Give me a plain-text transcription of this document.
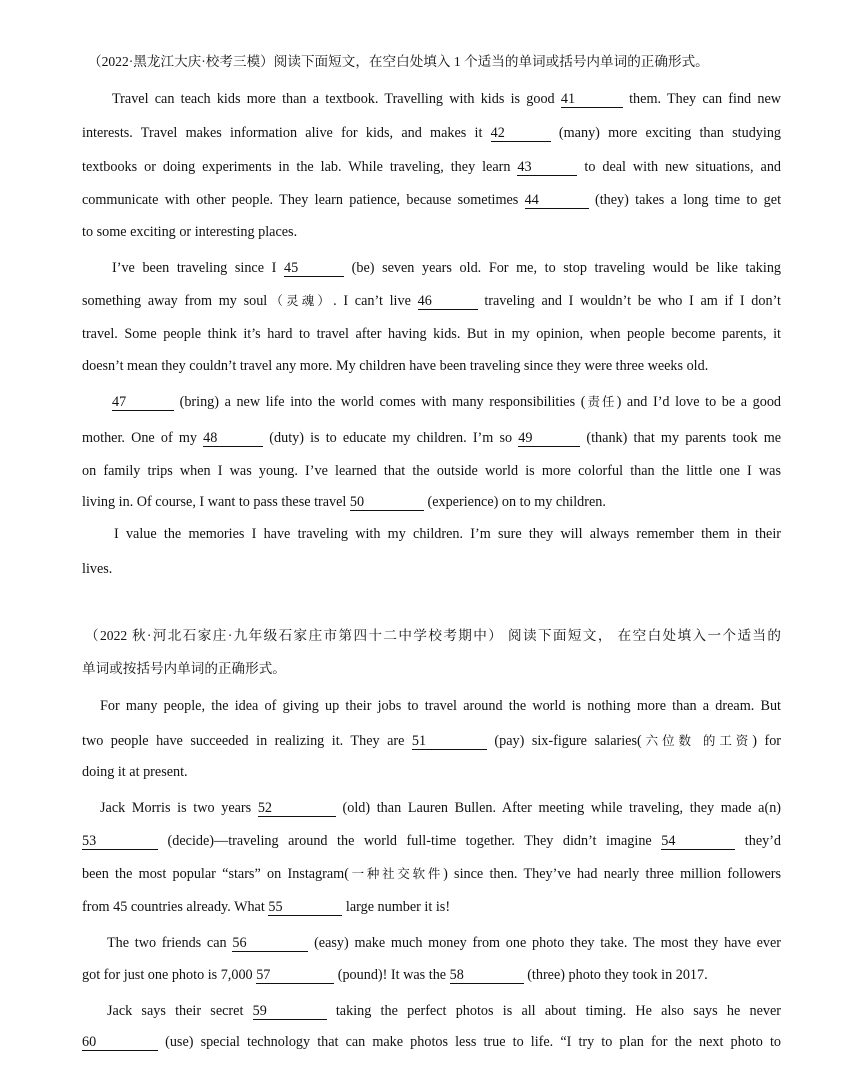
（2022·黑龙江大庆·校考三模）阅读下面短文，在空白处填入 1 个适当的单词或括号内单词的正确形式。
Travel can teach kids more than a textbook. Travelling with kids is good 41	them. They can find new
interests. Travel makes information alive for kids, and makes it 42	(many) more exciting than studying
textbooks or doing experiments in the lab. While traveling, they learn 43	to deal with new situations, and
communicate with other people. They learn patience, because sometimes 44	(they) takes a long time to get
to some exciting or interesting places.
I’ve been traveling since I 45	(be) seven years old. For me, to stop traveling would be like taking
something away from my soul（灵魂）. I can’t live 46	traveling and I wouldn’t be who I am if I don’t
travel. Some people think it’s hard to travel after having kids. But in my opinion, when people become parents, it
doesn’t mean they couldn’t travel any more. My children have been traveling since they were three weeks old.
47	(bring) a new life into the world comes with many responsibilities (责任) and I’d love to be a good
mother. One of my 48	(duty) is to educate my children. I’m so 49	(thank) that my parents took me
on family trips when I was young. I’ve learned that the outside world is more colorful than the little one I was
living in. Of course, I want to pass these travel 50	(experience) on to my children.
I value the memories I have traveling with my children. I’m sure they will always remember them in their
lives.
（2022 秋·河北石家庄·九年级石家庄市第四十二中学校考期中） 阅读下面短文， 在空白处填入一个适当的
单词或按括号内单词的正确形式。
For many people, the idea of giving up their jobs to travel around the world is nothing more than a dream. But
two people have succeeded in realizing it. They are 51	(pay) six-figure salaries(六位数 的工资) for
doing it at present.
Jack Morris is two years 52	(old) than Lauren Bullen. After meeting while traveling, they made a(n)
53	(decide)—traveling around the world full-time together. They didn’t imagine 54	they’d
been the most popular “stars” on Instagram(一种社交软件) since then. They’ve had nearly three million followers
from 45 countries already. What 55	large number it is!
The two friends can 56	(easy) make much money from one photo they take. The most they have ever
got for just one photo is 7,000 57	(pound)! It was the 58	(three) photo they took in 2017.
Jack says their secret 59	taking the perfect photos is all about timing. He also says he never
60	(use) special technology that can make photos less true to life. “I try to plan for the next photo to
